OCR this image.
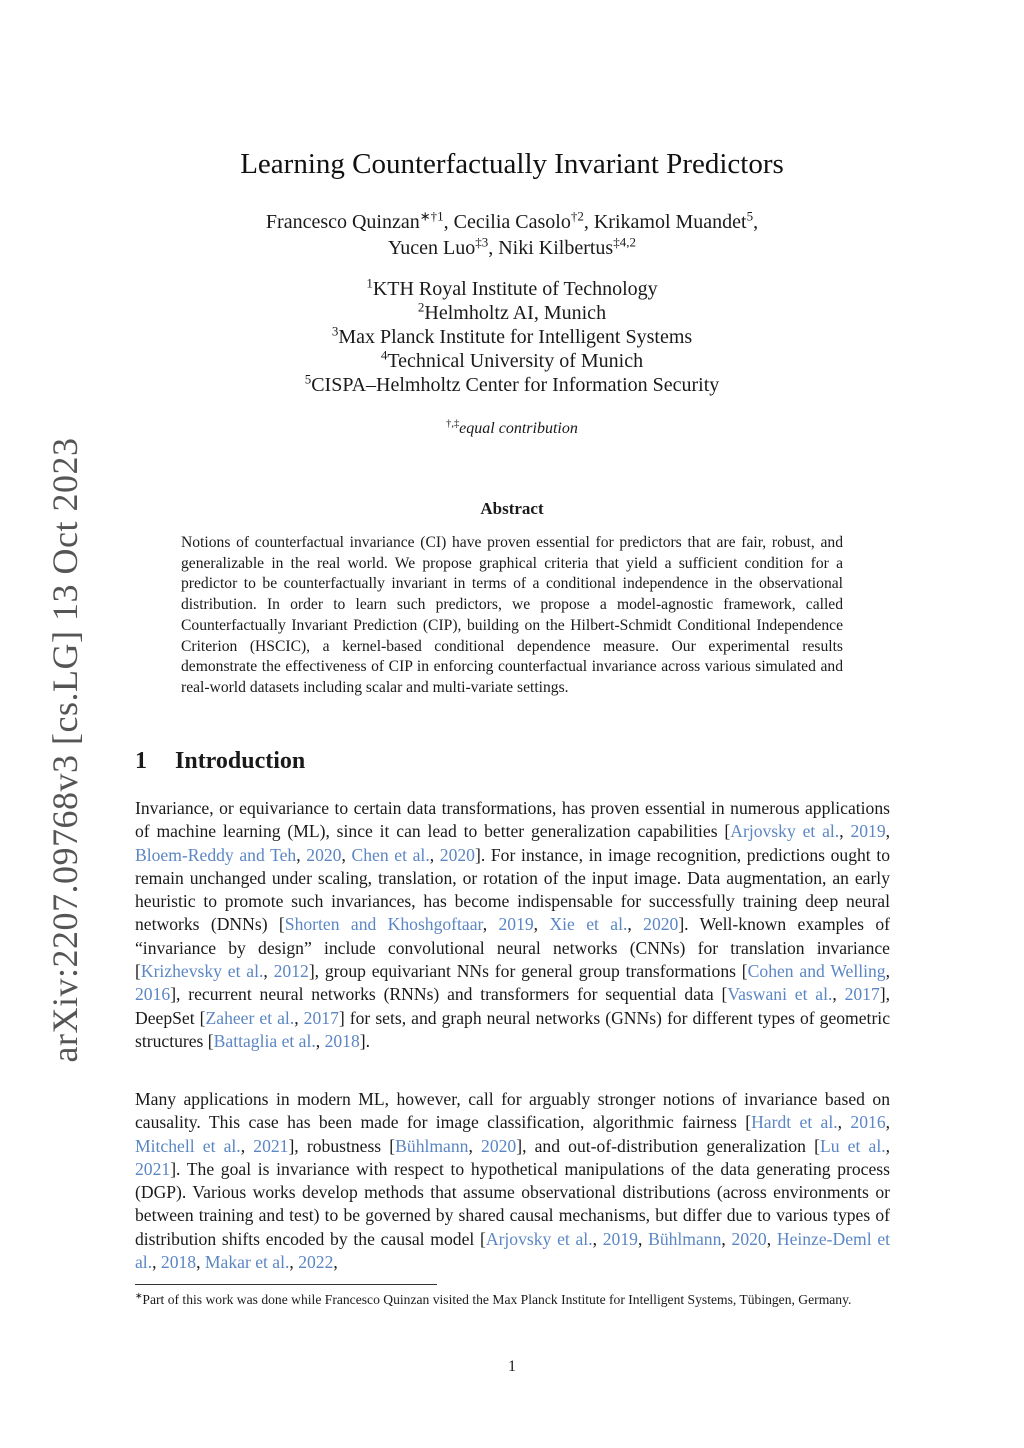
arXiv:2207.09768v3 [cs.LG] 13 Oct 2023
Learning Counterfactually Invariant Predictors
Francesco Quinzan$^{∗\dagger 1}$, Cecilia Casolo$^{\dagger 2}$, Krikamol Muandet$^5$,
Yucen Luo$^{\ddagger 3}$, Niki Kilbertus$^{\ddagger 4,2}$
$^1$KTH Royal Institute of Technology
$^2$Helmholtz AI, Munich
$^3$Max Planck Institute for Intelligent Systems
$^4$Technical University of Munich
$^5$CISPA–Helmholtz Center for Information Security
†,‡equal contribution
Abstract
Notions of counterfactual invariance (CI) have proven essential for predictors that are fair, robust, and generalizable in the real world. We propose graphical criteria that yield a sufficient condition for a predictor to be counterfactually invariant in terms of a conditional independence in the observational distribution. In order to learn such predictors, we propose a model-agnostic framework, called Counterfactually Invariant Prediction (CIP), building on the Hilbert-Schmidt Conditional Independence Criterion (HSCIC), a kernel-based conditional dependence measure. Our experimental results demonstrate the effectiveness of CIP in enforcing counterfactual invariance across various simulated and real-world datasets including scalar and multi-variate settings.
1 Introduction

Invariance, or equivariance to certain data transformations, has proven essential in numerous applications of machine learning (ML), since it can lead to better generalization capabilities [Arjovsky et al., 2019, Bloem-Reddy and Teh, 2020, Chen et al., 2020]. For instance, in image recognition, predictions ought to remain unchanged under scaling, translation, or rotation of the input image. Data augmentation, an early heuristic to promote such invariances, has become indispensable for successfully training deep neural networks (DNNs) [Shorten and Khoshgoftaar, 2019, Xie et al., 2020]. Well-known examples of “invariance by design” include convolutional neural networks (CNNs) for translation invariance [Krizhevsky et al., 2012], group equivariant NNs for general group transformations [Cohen and Welling, 2016], recurrent neural networks (RNNs) and transformers for sequential data [Vaswani et al., 2017], DeepSet [Zaheer et al., 2017] for sets, and graph neural networks (GNNs) for different types of geometric structures [Battaglia et al., 2018].

Many applications in modern ML, however, call for arguably stronger notions of invariance based on causality. This case has been made for image classification, algorithmic fairness [Hardt et al., 2016, Mitchell et al., 2021], robustness [Bühlmann, 2020], and out-of-distribution generalization [Lu et al., 2021]. The goal is invariance with respect to hypothetical manipulations of the data generating process (DGP). Various works develop methods that assume observational distributions (across environments or between training and test) to be governed by shared causal mechanisms, but differ due to various types of distribution shifts encoded by the causal model [Arjovsky et al., 2019, Bühlmann, 2020, Heinze-Deml et al., 2018, Makar et al., 2022,

∗Part of this work was done while Francesco Quinzan visited the Max Planck Institute for Intelligent Systems, Tübingen, Germany.
1
